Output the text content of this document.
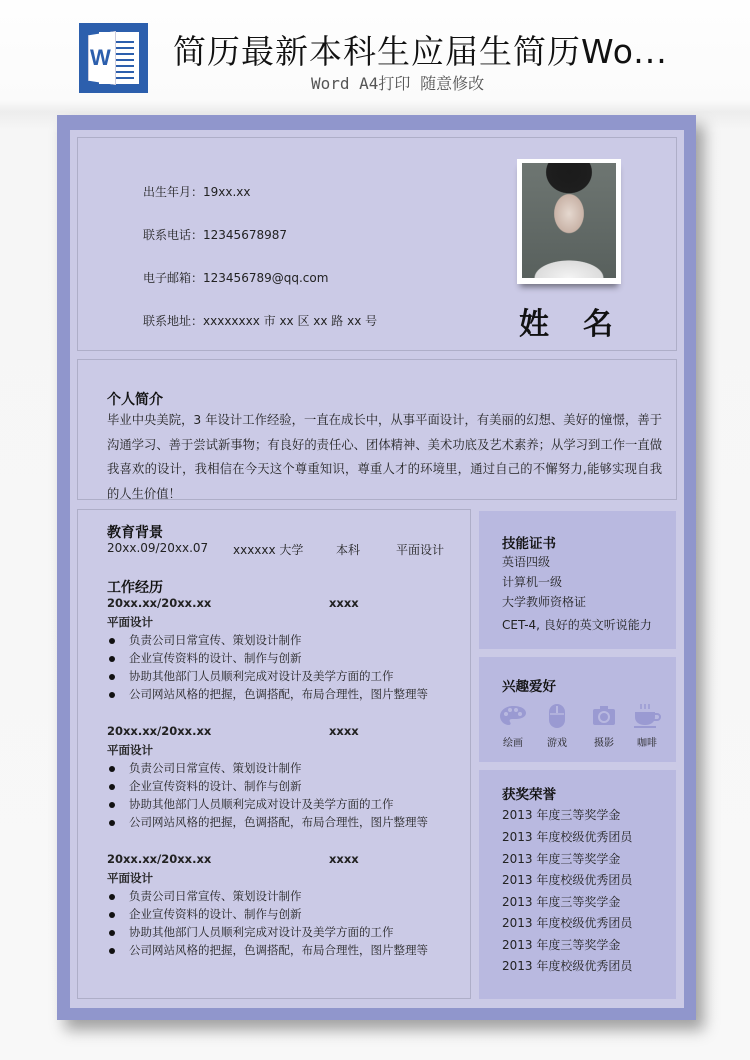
W 简历最新本科生应届生简历Wo...
Word A4打印 随意修改
出生年月：19xx.xx
联系电话：12345678987
电子邮箱：123456789@qq.com
联系地址：xxxxxxxx 市 xx 区 xx 路 xx 号	姓名
个人简介
毕业中央美院，3 年设计工作经验，一直在成长中，从事平面设计，有美丽的幻想、美好的憧憬，善于沟通学习、善于尝试新事物；有良好的责任心、团体精神、美术功底及艺术素养；从学习到工作一直做我喜欢的设计，我相信在今天这个尊重知识，尊重人才的环境里，通过自己的不懈努力,能够实现自我的人生价值！
教育背景
20xx.09/20xx.07 xxxxxx 大学	本科	平面设计
工作经历
20xx.xx/20xx.xx	xxxx
平面设计
负责公司日常宣传、策划设计制作
企业宣传资料的设计、制作与创新
协助其他部门人员顺利完成对设计及美学方面的工作
公司网站风格的把握，色调搭配，布局合理性，图片整理等
20xx.xx/20xx.xx	xxxx
平面设计
负责公司日常宣传、策划设计制作
企业宣传资料的设计、制作与创新
协助其他部门人员顺利完成对设计及美学方面的工作
公司网站风格的把握，色调搭配，布局合理性，图片整理等
20xx.xx/20xx.xx	xxxx
平面设计
负责公司日常宣传、策划设计制作
企业宣传资料的设计、制作与创新
协助其他部门人员顺利完成对设计及美学方面的工作
公司网站风格的把握，色调搭配，布局合理性，图片整理等
技能证书
英语四级
计算机一级
大学教师资格证
CET-4, 良好的英文听说能力
兴趣爱好
绘画	游戏	摄影	咖啡
获奖荣誉
2013 年度三等奖学金
2013 年度校级优秀团员
2013 年度三等奖学金
2013 年度校级优秀团员
2013 年度三等奖学金
2013 年度校级优秀团员
2013 年度三等奖学金
2013 年度校级优秀团员
